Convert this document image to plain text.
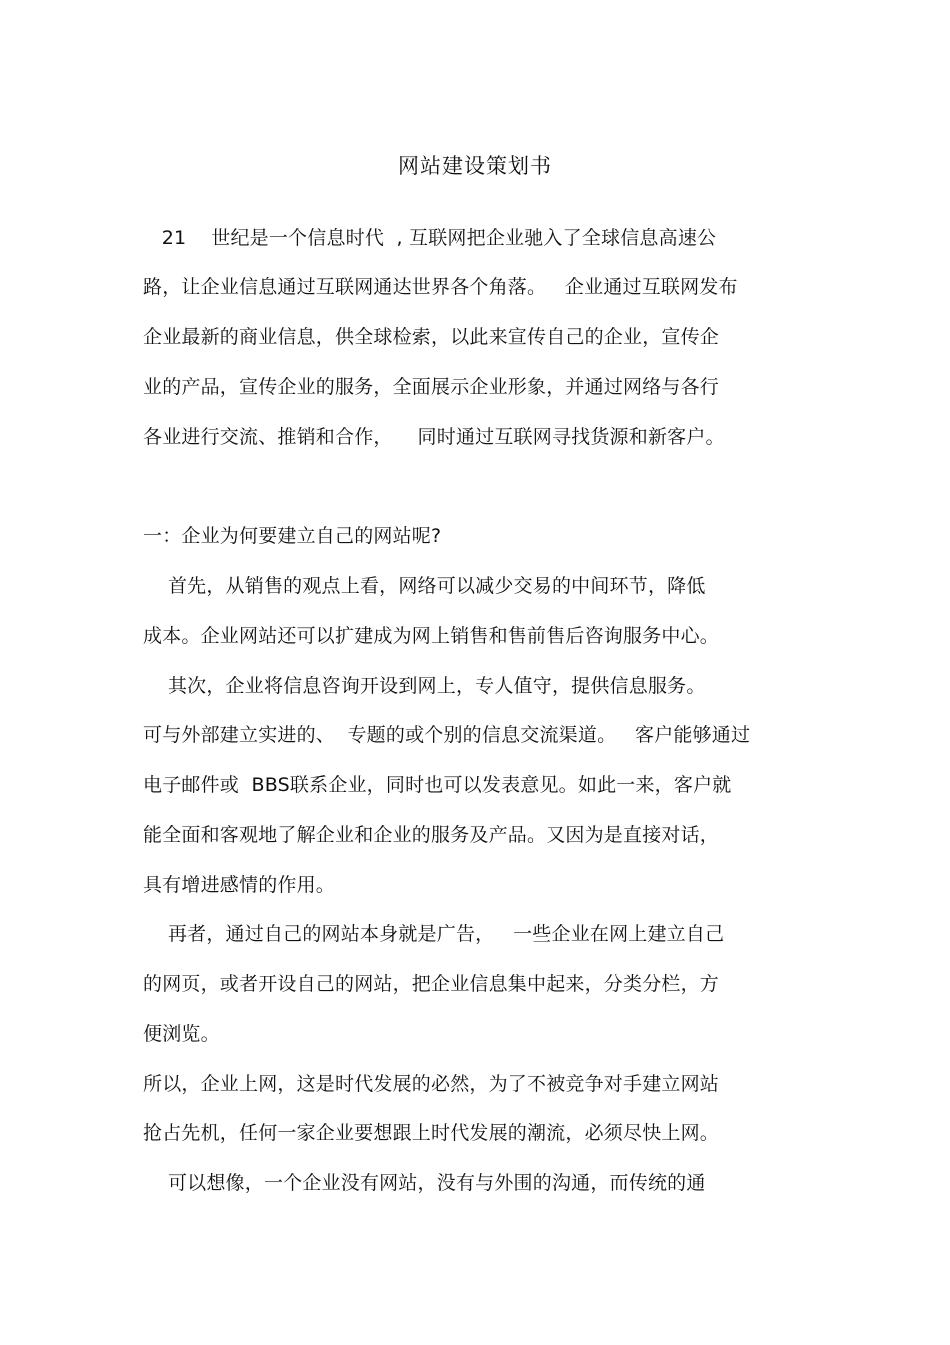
网站建设策划书
21    世纪是一个信息时代  , 互联网把企业驰入了全球信息高速公
路，让企业信息通过互联网通达世界各个角落。   企业通过互联网发布
企业最新的商业信息，供全球检索，以此来宣传自己的企业，宣传企
业的产品，宣传企业的服务，全面展示企业形象，并通过网络与各行
各业进行交流、推销和合作，    同时通过互联网寻找货源和新客户。
一：企业为何要建立自己的网站呢?
首先，从销售的观点上看，网络可以减少交易的中间环节，降低
成本。企业网站还可以扩建成为网上销售和售前售后咨询服务中心。
其次，企业将信息咨询开设到网上，专人值守，提供信息服务。
可与外部建立实进的、  专题的或个别的信息交流渠道。   客户能够通过
电子邮件或  BBS联系企业，同时也可以发表意见。如此一来，客户就
能全面和客观地了解企业和企业的服务及产品。又因为是直接对话，
具有增进感情的作用。
再者，通过自己的网站本身就是广告，   一些企业在网上建立自己
的网页，或者开设自己的网站，把企业信息集中起来，分类分栏，方
便浏览。
所以，企业上网，这是时代发展的必然，为了不被竞争对手建立网站
抢占先机，任何一家企业要想跟上时代发展的潮流，必须尽快上网。
可以想像，一个企业没有网站，没有与外围的沟通，而传统的通
